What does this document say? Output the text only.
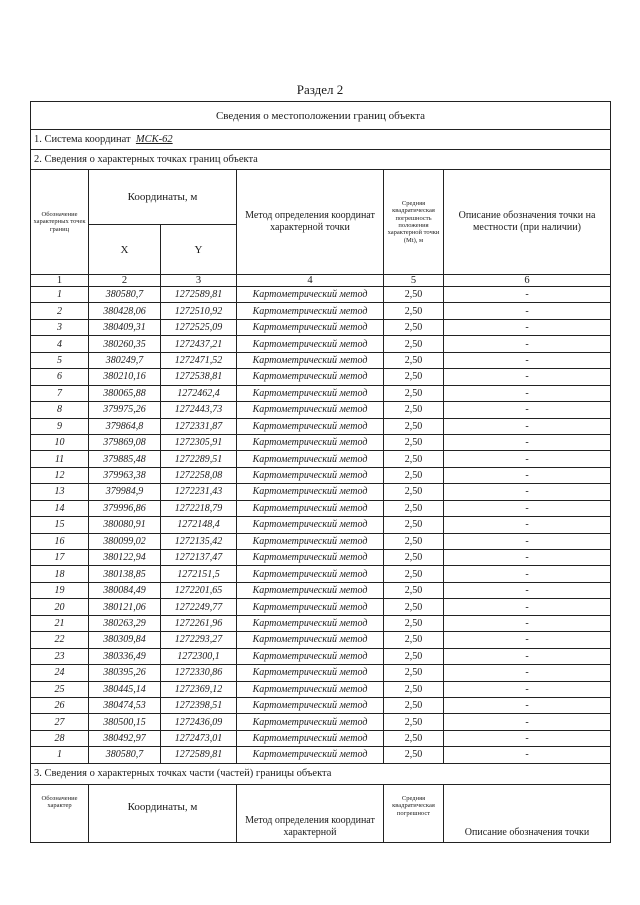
Раздел 2
Сведения о местоположении границ объекта					
1. Система координат МСК-62					
2. Сведения о характерных точках границ объекта					
Обозначение характерных точек границ	Координаты, м		Метод определения координат характерной точки	Средняя квадратическая погрешность положения характерной точки (Mt), м	Описание обозначения точки на местности (при наличии)
	X	Y			
1	2	3	4	5	6
1	380580,7	1272589,81	Картометрический метод	2,50	-
2	380428,06	1272510,92	Картометрический метод	2,50	-
3	380409,31	1272525,09	Картометрический метод	2,50	-
4	380260,35	1272437,21	Картометрический метод	2,50	-
5	380249,7	1272471,52	Картометрический метод	2,50	-
6	380210,16	1272538,81	Картометрический метод	2,50	-
7	380065,88	1272462,4	Картометрический метод	2,50	-
8	379975,26	1272443,73	Картометрический метод	2,50	-
9	379864,8	1272331,87	Картометрический метод	2,50	-
10	379869,08	1272305,91	Картометрический метод	2,50	-
11	379885,48	1272289,51	Картометрический метод	2,50	-
12	379963,38	1272258,08	Картометрический метод	2,50	-
13	379984,9	1272231,43	Картометрический метод	2,50	-
14	379996,86	1272218,79	Картометрический метод	2,50	-
15	380080,91	1272148,4	Картометрический метод	2,50	-
16	380099,02	1272135,42	Картометрический метод	2,50	-
17	380122,94	1272137,47	Картометрический метод	2,50	-
18	380138,85	1272151,5	Картометрический метод	2,50	-
19	380084,49	1272201,65	Картометрический метод	2,50	-
20	380121,06	1272249,77	Картометрический метод	2,50	-
21	380263,29	1272261,96	Картометрический метод	2,50	-
22	380309,84	1272293,27	Картометрический метод	2,50	-
23	380336,49	1272300,1	Картометрический метод	2,50	-
24	380395,26	1272330,86	Картометрический метод	2,50	-
25	380445,14	1272369,12	Картометрический метод	2,50	-
26	380474,53	1272398,51	Картометрический метод	2,50	-
27	380500,15	1272436,09	Картометрический метод	2,50	-
28	380492,97	1272473,01	Картометрический метод	2,50	-
1	380580,7	1272589,81	Картометрический метод	2,50	-
3. Сведения о характерных точках части (частей) границы объекта					
Обозначение характер	Координаты, м		Метод определения координат характерной	Средняя квадратическая погрешност	Описание обозначения точки
